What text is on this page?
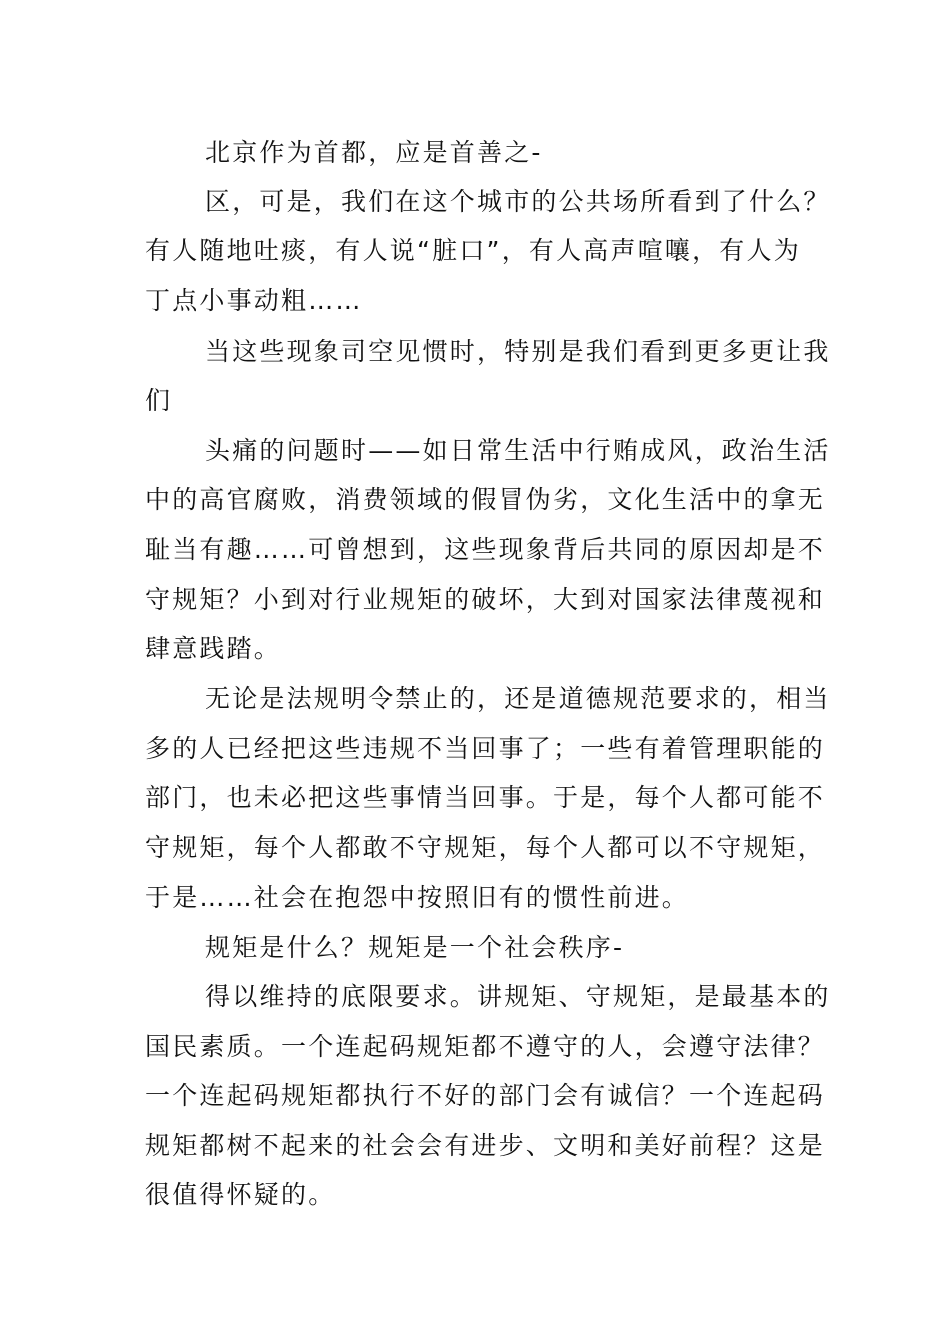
北京作为首都，应是首善之-
区，可是，我们在这个城市的公共场所看到了什么？
有人随地吐痰，有人说“脏口”，有人高声喧嚷，有人为
丁点小事动粗……
当这些现象司空见惯时，特别是我们看到更多更让我
们
头痛的问题时——如日常生活中行贿成风，政治生活
中的高官腐败，消费领域的假冒伪劣，文化生活中的拿无
耻当有趣……可曾想到，这些现象背后共同的原因却是不
守规矩？小到对行业规矩的破坏，大到对国家法律蔑视和
肆意践踏。
无论是法规明令禁止的，还是道德规范要求的，相当
多的人已经把这些违规不当回事了；一些有着管理职能的
部门，也未必把这些事情当回事。于是，每个人都可能不
守规矩，每个人都敢不守规矩，每个人都可以不守规矩，
于是……社会在抱怨中按照旧有的惯性前进。
规矩是什么？规矩是一个社会秩序-
得以维持的底限要求。讲规矩、守规矩，是最基本的
国民素质。一个连起码规矩都不遵守的人，会遵守法律？
一个连起码规矩都执行不好的部门会有诚信？一个连起码
规矩都树不起来的社会会有进步、文明和美好前程？这是
很值得怀疑的。
